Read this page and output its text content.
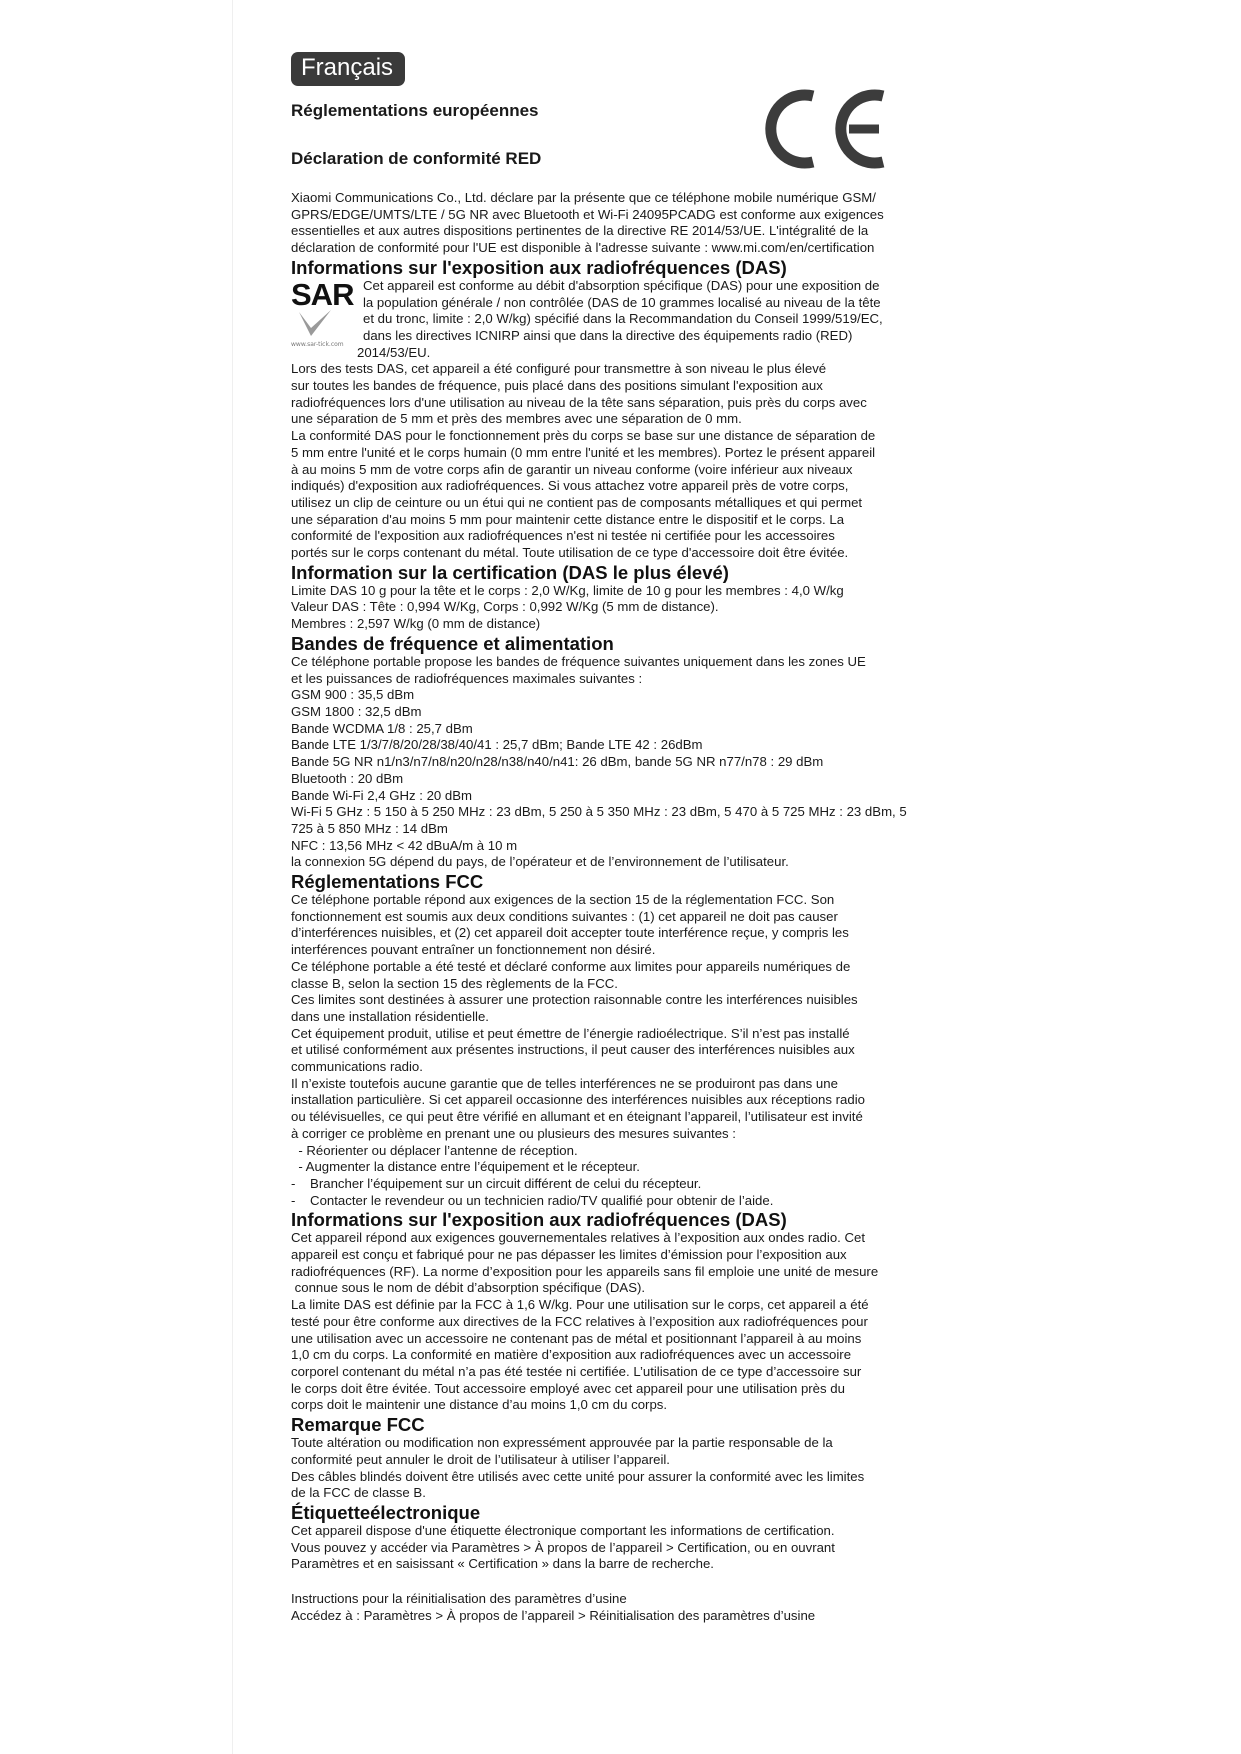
Français
Réglementations européennes
Déclaration de conformité RED

Xiaomi Communications Co., Ltd. déclare par la présente que ce téléphone mobile numérique GSM/

GPRS/EDGE/UMTS/LTE / 5G NR avec Bluetooth et Wi-Fi 24095PCADG est conforme aux exigences

essentielles et aux autres dispositions pertinentes de la directive RE 2014/53/UE. L'intégralité de la

déclaration de conformité pour l'UE est disponible à l'adresse suivante : www.mi.com/en/certification

Informations sur l'exposition aux radiofréquences (DAS)
SAR
www.sar-tick.com

Cet appareil est conforme au débit d'absorption spécifique (DAS) pour une exposition de

la population générale / non contrôlée (DAS de 10 grammes localisé au niveau de la tête

et du tronc, limite : 2,0 W/kg) spécifié dans la Recommandation du Conseil 1999/519/EC,

dans les directives ICNIRP ainsi que dans la directive des équipements radio (RED)

2014/53/EU.

Lors des tests DAS, cet appareil a été configuré pour transmettre à son niveau le plus élevé

sur toutes les bandes de fréquence, puis placé dans des positions simulant l'exposition aux

radiofréquences lors d'une utilisation au niveau de la tête sans séparation, puis près du corps avec

une séparation de 5 mm et près des membres avec une séparation de 0 mm.

La conformité DAS pour le fonctionnement près du corps se base sur une distance de séparation de

5 mm entre l'unité et le corps humain (0 mm entre l'unité et les membres). Portez le présent appareil

à au moins 5 mm de votre corps afin de garantir un niveau conforme (voire inférieur aux niveaux

indiqués) d'exposition aux radiofréquences. Si vous attachez votre appareil près de votre corps,

utilisez un clip de ceinture ou un étui qui ne contient pas de composants métalliques et qui permet

une séparation d'au moins 5 mm pour maintenir cette distance entre le dispositif et le corps. La

conformité de l'exposition aux radiofréquences n'est ni testée ni certifiée pour les accessoires

portés sur le corps contenant du métal. Toute utilisation de ce type d'accessoire doit être évitée.

Information sur la certification (DAS le plus élevé)

Limite DAS 10 g pour la tête et le corps : 2,0 W/Kg, limite de 10 g pour les membres : 4,0 W/kg

Valeur DAS : Tête : 0,994 W/Kg, Corps : 0,992 W/Kg (5 mm de distance).

Membres : 2,597 W/kg (0 mm de distance)

Bandes de fréquence et alimentation

Ce téléphone portable propose les bandes de fréquence suivantes uniquement dans les zones UE

et les puissances de radiofréquences maximales suivantes :

GSM 900 : 35,5 dBm

GSM 1800 : 32,5 dBm

Bande WCDMA 1/8 : 25,7 dBm

Bande LTE 1/3/7/8/20/28/38/40/41 : 25,7 dBm; Bande LTE 42 : 26dBm

Bande 5G NR n1/n3/n7/n8/n20/n28/n38/n40/n41: 26 dBm, bande 5G NR n77/n78 : 29 dBm

Bluetooth : 20 dBm

Bande Wi-Fi 2,4 GHz : 20 dBm

Wi-Fi 5 GHz : 5 150 à 5 250 MHz : 23 dBm, 5 250 à 5 350 MHz : 23 dBm, 5 470 à 5 725 MHz : 23 dBm, 5

725 à 5 850 MHz : 14 dBm

NFC : 13,56 MHz < 42 dBuA/m à 10 m

la connexion 5G dépend du pays, de l’opérateur et de l’environnement de l’utilisateur.

Réglementations FCC

Ce téléphone portable répond aux exigences de la section 15 de la réglementation FCC. Son

fonctionnement est soumis aux deux conditions suivantes : (1) cet appareil ne doit pas causer

d’interférences nuisibles, et (2) cet appareil doit accepter toute interférence reçue, y compris les

interférences pouvant entraîner un fonctionnement non désiré.

Ce téléphone portable a été testé et déclaré conforme aux limites pour appareils numériques de

classe B, selon la section 15 des règlements de la FCC.

Ces limites sont destinées à assurer une protection raisonnable contre les interférences nuisibles

dans une installation résidentielle.

Cet équipement produit, utilise et peut émettre de l’énergie radioélectrique. S’il n’est pas installé

et utilisé conformément aux présentes instructions, il peut causer des interférences nuisibles aux

communications radio.

Il n’existe toutefois aucune garantie que de telles interférences ne se produiront pas dans une

installation particulière. Si cet appareil occasionne des interférences nuisibles aux réceptions radio

ou télévisuelles, ce qui peut être vérifié en allumant et en éteignant l’appareil, l’utilisateur est invité

à corriger ce problème en prenant une ou plusieurs des mesures suivantes :

- Réorienter ou déplacer l’antenne de réception.

- Augmenter la distance entre l’équipement et le récepteur.

-    Brancher l’équipement sur un circuit différent de celui du récepteur.

-    Contacter le revendeur ou un technicien radio/TV qualifié pour obtenir de l’aide.

Informations sur l'exposition aux radiofréquences (DAS)

Cet appareil répond aux exigences gouvernementales relatives à l’exposition aux ondes radio. Cet

appareil est conçu et fabriqué pour ne pas dépasser les limites d’émission pour l’exposition aux

radiofréquences (RF). La norme d’exposition pour les appareils sans fil emploie une unité de mesure

connue sous le nom de débit d’absorption spécifique (DAS).

La limite DAS est définie par la FCC à 1,6 W/kg. Pour une utilisation sur le corps, cet appareil a été

testé pour être conforme aux directives de la FCC relatives à l’exposition aux radiofréquences pour

une utilisation avec un accessoire ne contenant pas de métal et positionnant l’appareil à au moins

1,0 cm du corps. La conformité en matière d’exposition aux radiofréquences avec un accessoire

corporel contenant du métal n’a pas été testée ni certifiée. L’utilisation de ce type d’accessoire sur

le corps doit être évitée. Tout accessoire employé avec cet appareil pour une utilisation près du

corps doit le maintenir une distance d’au moins 1,0 cm du corps.

Remarque FCC

Toute altération ou modification non expressément approuvée par la partie responsable de la

conformité peut annuler le droit de l’utilisateur à utiliser l’appareil.

Des câbles blindés doivent être utilisés avec cette unité pour assurer la conformité avec les limites

de la FCC de classe B.

Étiquetteélectronique

Cet appareil dispose d'une étiquette électronique comportant les informations de certification.

Vous pouvez y accéder via Paramètres > À propos de l’appareil > Certification, ou en ouvrant

Paramètres et en saisissant « Certification » dans la barre de recherche.

Instructions pour la réinitialisation des paramètres d’usine

Accédez à : Paramètres > À propos de l’appareil > Réinitialisation des paramètres d’usine
